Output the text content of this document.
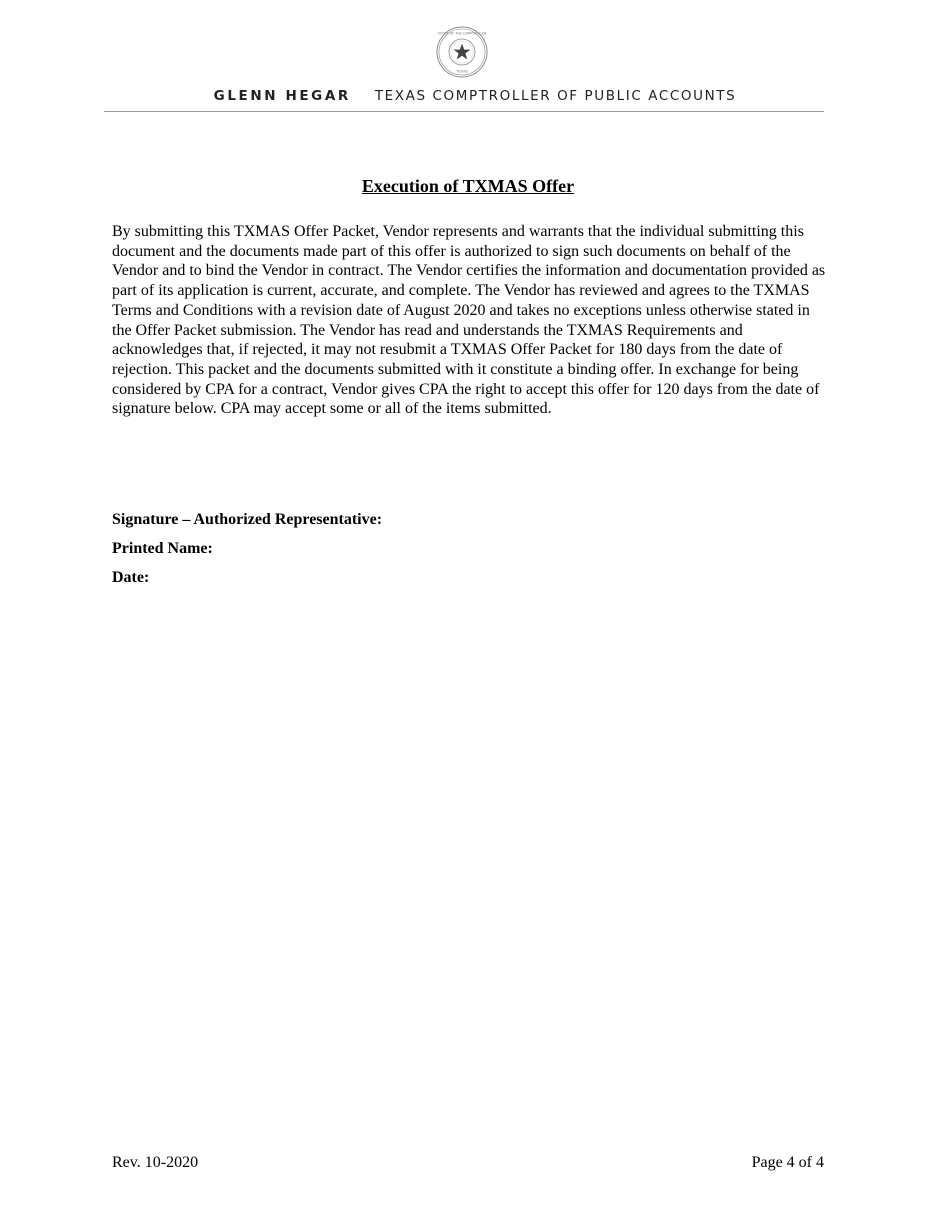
OFFICE OF THE COMPTROLLER
TEXAS
GLENN HEGAR TEXAS COMPTROLLER OF PUBLIC ACCOUNTS
Execution of TXMAS Offer

By submitting this TXMAS Offer Packet, Vendor represents and warrants that the individual submitting this document and the documents made part of this offer is authorized to sign such documents on behalf of the Vendor and to bind the Vendor in contract. The Vendor certifies the information and documentation provided as part of its application is current, accurate, and complete. The Vendor has reviewed and agrees to the TXMAS Terms and Conditions with a revision date of August 2020 and takes no exceptions unless otherwise stated in the Offer Packet submission. The Vendor has read and understands the TXMAS Requirements and acknowledges that, if rejected, it may not resubmit a TXMAS Offer Packet for 180 days from the date of rejection. This packet and the documents submitted with it constitute a binding offer. In exchange for being considered by CPA for a contract, Vendor gives CPA the right to accept this offer for 120 days from the date of signature below. CPA may accept some or all of the items submitted.

Signature – Authorized Representative:
Printed Name:
Date:
Rev. 10-2020	Page 4 of 4
